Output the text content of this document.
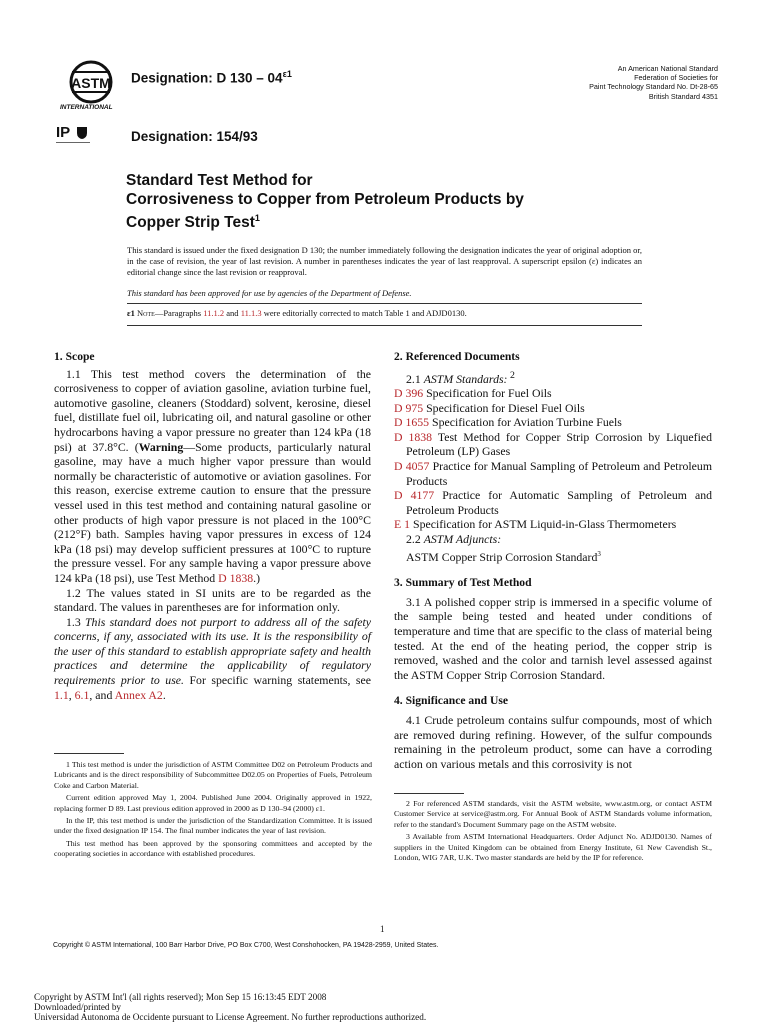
ASTM
INTERNATIONAL
IP
Designation: D $130 - 04^{\varepsilon 1}$
Designation: 154/93
An American National Standard
Federation of Societies for
Paint Technology Standard No. Dt-28-65
British Standard 4351
Standard Test Method for
Corrosiveness to Copper from Petroleum Products by
Copper Strip Test$^1$
This standard is issued under the fixed designation D 130; the number immediately following the designation indicates the year of original adoption or, in the case of revision, the year of last revision. A number in parentheses indicates the year of last reapproval. A superscript epsilon (ε) indicates an editorial change since the last revision or reapproval.
This standard has been approved for use by agencies of the Department of Defense.
ε1 Note—Paragraphs 11.1.2 and 11.1.3 were editorially corrected to match Table 1 and ADJD0130.

1. Scope

1.1 This test method covers the determination of the corrosiveness to copper of aviation gasoline, aviation turbine fuel, automotive gasoline, cleaners (Stoddard) solvent, kerosine, diesel fuel, distillate fuel oil, lubricating oil, and natural gasoline or other hydrocarbons having a vapor pressure no greater than 124 kPa (18 psi) at 37.8°C. (Warning—Some products, particularly natural gasoline, may have a much higher vapor pressure than would normally be characteristic of automotive or aviation gasolines. For this reason, exercise extreme caution to ensure that the pressure vessel used in this test method and containing natural gasoline or other products of high vapor pressure is not placed in the 100°C (212°F) bath. Samples having vapor pressures in excess of 124 kPa (18 psi) may develop sufficient pressures at 100°C to rupture the pressure vessel. For any sample having a vapor pressure above 124 kPa (18 psi), use Test Method D 1838.)

1.2 The values stated in SI units are to be regarded as the standard. The values in parentheses are for information only.

1.3 This standard does not purport to address all of the safety concerns, if any, associated with its use. It is the responsibility of the user of this standard to establish appropriate safety and health practices and determine the applicability of regulatory requirements prior to use. For specific warning statements, see 1.1, 6.1, and Annex A2.

1 This test method is under the jurisdiction of ASTM Committee D02 on Petroleum Products and Lubricants and is the direct responsibility of Subcommittee D02.05 on Properties of Fuels, Petroleum Coke and Carbon Material.

Current edition approved May 1, 2004. Published June 2004. Originally approved in 1922, replacing former D 89. Last previous edition approved in 2000 as D 130–94 (2000) ε1.

In the IP, this test method is under the jurisdiction of the Standardization Committee. It is issued under the fixed designation IP 154. The final number indicates the year of last revision.

This test method has been approved by the sponsoring committees and accepted by the cooperating societies in accordance with established procedures.

2. Referenced Documents

2.1 ASTM Standards: $^2$

D 396 Specification for Fuel Oils

D 975 Specification for Diesel Fuel Oils

D 1655 Specification for Aviation Turbine Fuels

D 1838 Test Method for Copper Strip Corrosion by Liquefied Petroleum (LP) Gases

D 4057 Practice for Manual Sampling of Petroleum and Petroleum Products

D 4177 Practice for Automatic Sampling of Petroleum and Petroleum Products

E 1 Specification for ASTM Liquid-in-Glass Thermometers

2.2 ASTM Adjuncts:

ASTM Copper Strip Corrosion Standard$^3$

3. Summary of Test Method

3.1 A polished copper strip is immersed in a specific volume of the sample being tested and heated under conditions of temperature and time that are specific to the class of material being tested. At the end of the heating period, the copper strip is removed, washed and the color and tarnish level assessed against the ASTM Copper Strip Corrosion Standard.

4. Significance and Use

4.1 Crude petroleum contains sulfur compounds, most of which are removed during refining. However, of the sulfur compounds remaining in the petroleum product, some can have a corroding action on various metals and this corrosivity is not

2 For referenced ASTM standards, visit the ASTM website, www.astm.org, or contact ASTM Customer Service at service@astm.org. For Annual Book of ASTM Standards volume information, refer to the standard's Document Summary page on the ASTM website.

3 Available from ASTM International Headquarters. Order Adjunct No. ADJD0130. Names of suppliers in the United Kingdom can be obtained from Energy Institute, 61 New Cavendish St., London, WIG 7AR, U.K. Two master standards are held by the IP for reference.

Copyright © ASTM International, 100 Barr Harbor Drive, PO Box C700, West Conshohocken, PA 19428-2959, United States.
1
Copyright by ASTM Int'l (all rights reserved); Mon Sep 15 16:13:45 EDT 2008
Downloaded/printed by
Universidad Autonoma de Occidente pursuant to License Agreement. No further reproductions authorized.
